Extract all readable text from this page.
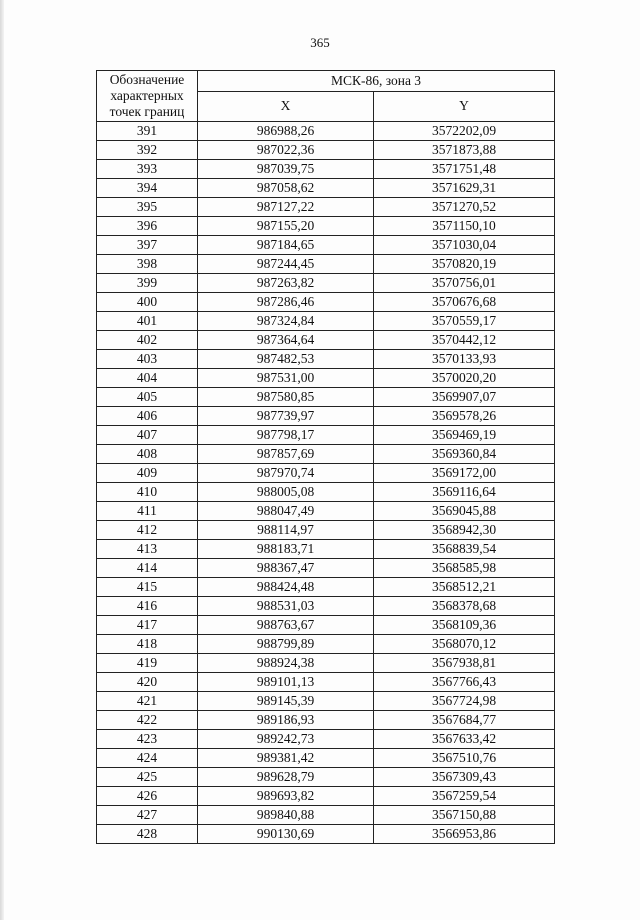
365
Обозначение
характерных
точек границ	МСК-86, зона 3	
	X	Y
391	986988,26	3572202,09
392	987022,36	3571873,88
393	987039,75	3571751,48
394	987058,62	3571629,31
395	987127,22	3571270,52
396	987155,20	3571150,10
397	987184,65	3571030,04
398	987244,45	3570820,19
399	987263,82	3570756,01
400	987286,46	3570676,68
401	987324,84	3570559,17
402	987364,64	3570442,12
403	987482,53	3570133,93
404	987531,00	3570020,20
405	987580,85	3569907,07
406	987739,97	3569578,26
407	987798,17	3569469,19
408	987857,69	3569360,84
409	987970,74	3569172,00
410	988005,08	3569116,64
411	988047,49	3569045,88
412	988114,97	3568942,30
413	988183,71	3568839,54
414	988367,47	3568585,98
415	988424,48	3568512,21
416	988531,03	3568378,68
417	988763,67	3568109,36
418	988799,89	3568070,12
419	988924,38	3567938,81
420	989101,13	3567766,43
421	989145,39	3567724,98
422	989186,93	3567684,77
423	989242,73	3567633,42
424	989381,42	3567510,76
425	989628,79	3567309,43
426	989693,82	3567259,54
427	989840,88	3567150,88
428	990130,69	3566953,86
